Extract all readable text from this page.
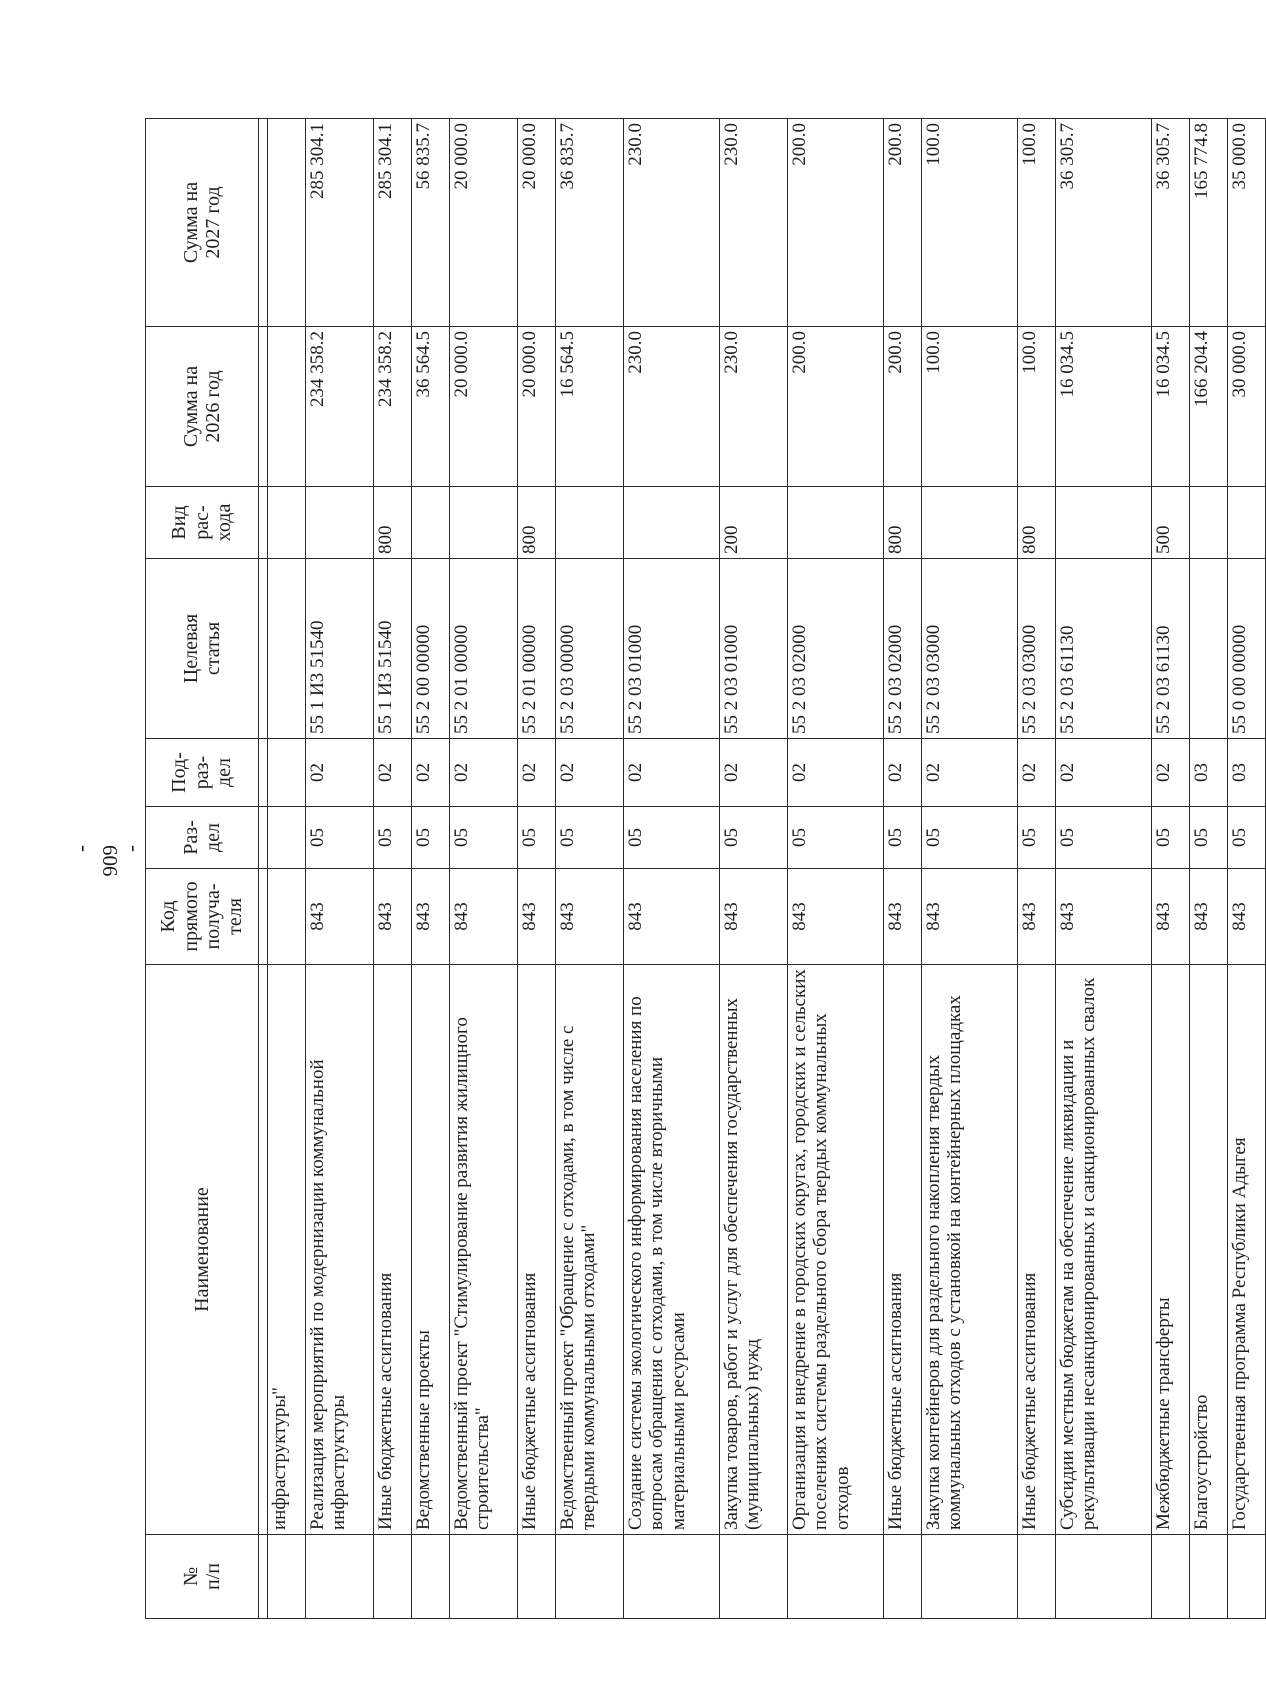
- 606 -
№
п/п	Наименование	Код
прямого
получа-
теля	Раз-
дел	Под-
раз-
дел	Целевая
статья	Вид
рас-
хода	Сумма на
2026 год	Сумма на
2027 год

	инфраструктуры"							
	Реализация мероприятий по модернизации коммунальной инфраструктуры	843	05	02	55 1 И3 51540		234 358.2	285 304.1
	Иные бюджетные ассигнования	843	05	02	55 1 И3 51540	800	234 358.2	285 304.1
	Ведомственные проекты	843	05	02	55 2 00 00000		36 564.5	56 835.7
	Ведомственный проект "Стимулирование развития жилищного строительства"	843	05	02	55 2 01 00000		20 000.0	20 000.0
	Иные бюджетные ассигнования	843	05	02	55 2 01 00000	800	20 000.0	20 000.0
	Ведомственный проект "Обращение с отходами, в том числе с твердыми коммунальными отходами"	843	05	02	55 2 03 00000		16 564.5	36 835.7
	Создание системы экологического информирования населения по вопросам обращения с отходами, в том числе вторичными материальными ресурсами	843	05	02	55 2 03 01000		230.0	230.0
	Закупка товаров, работ и услуг для обеспечения государственных (муниципальных) нужд	843	05	02	55 2 03 01000	200	230.0	230.0
	Организация и внедрение в городских округах, городских и сельских поселениях системы раздельного сбора твердых коммунальных отходов	843	05	02	55 2 03 02000		200.0	200.0
	Иные бюджетные ассигнования	843	05	02	55 2 03 02000	800	200.0	200.0
	Закупка контейнеров для раздельного накопления твердых коммунальных отходов с установкой на контейнерных площадках	843	05	02	55 2 03 03000		100.0	100.0
	Иные бюджетные ассигнования	843	05	02	55 2 03 03000	800	100.0	100.0
	Субсидии местным бюджетам на обеспечение ликвидации и рекультивации несанкционированных и санкционированных свалок	843	05	02	55 2 03 61130		16 034.5	36 305.7
	Межбюджетные трансферты	843	05	02	55 2 03 61130	500	16 034.5	36 305.7
	Благоустройство	843	05	03			166 204.4	165 774.8
	Государственная программа Республики Адыгея	843	05	03	55 0 00 00000		30 000.0	35 000.0
